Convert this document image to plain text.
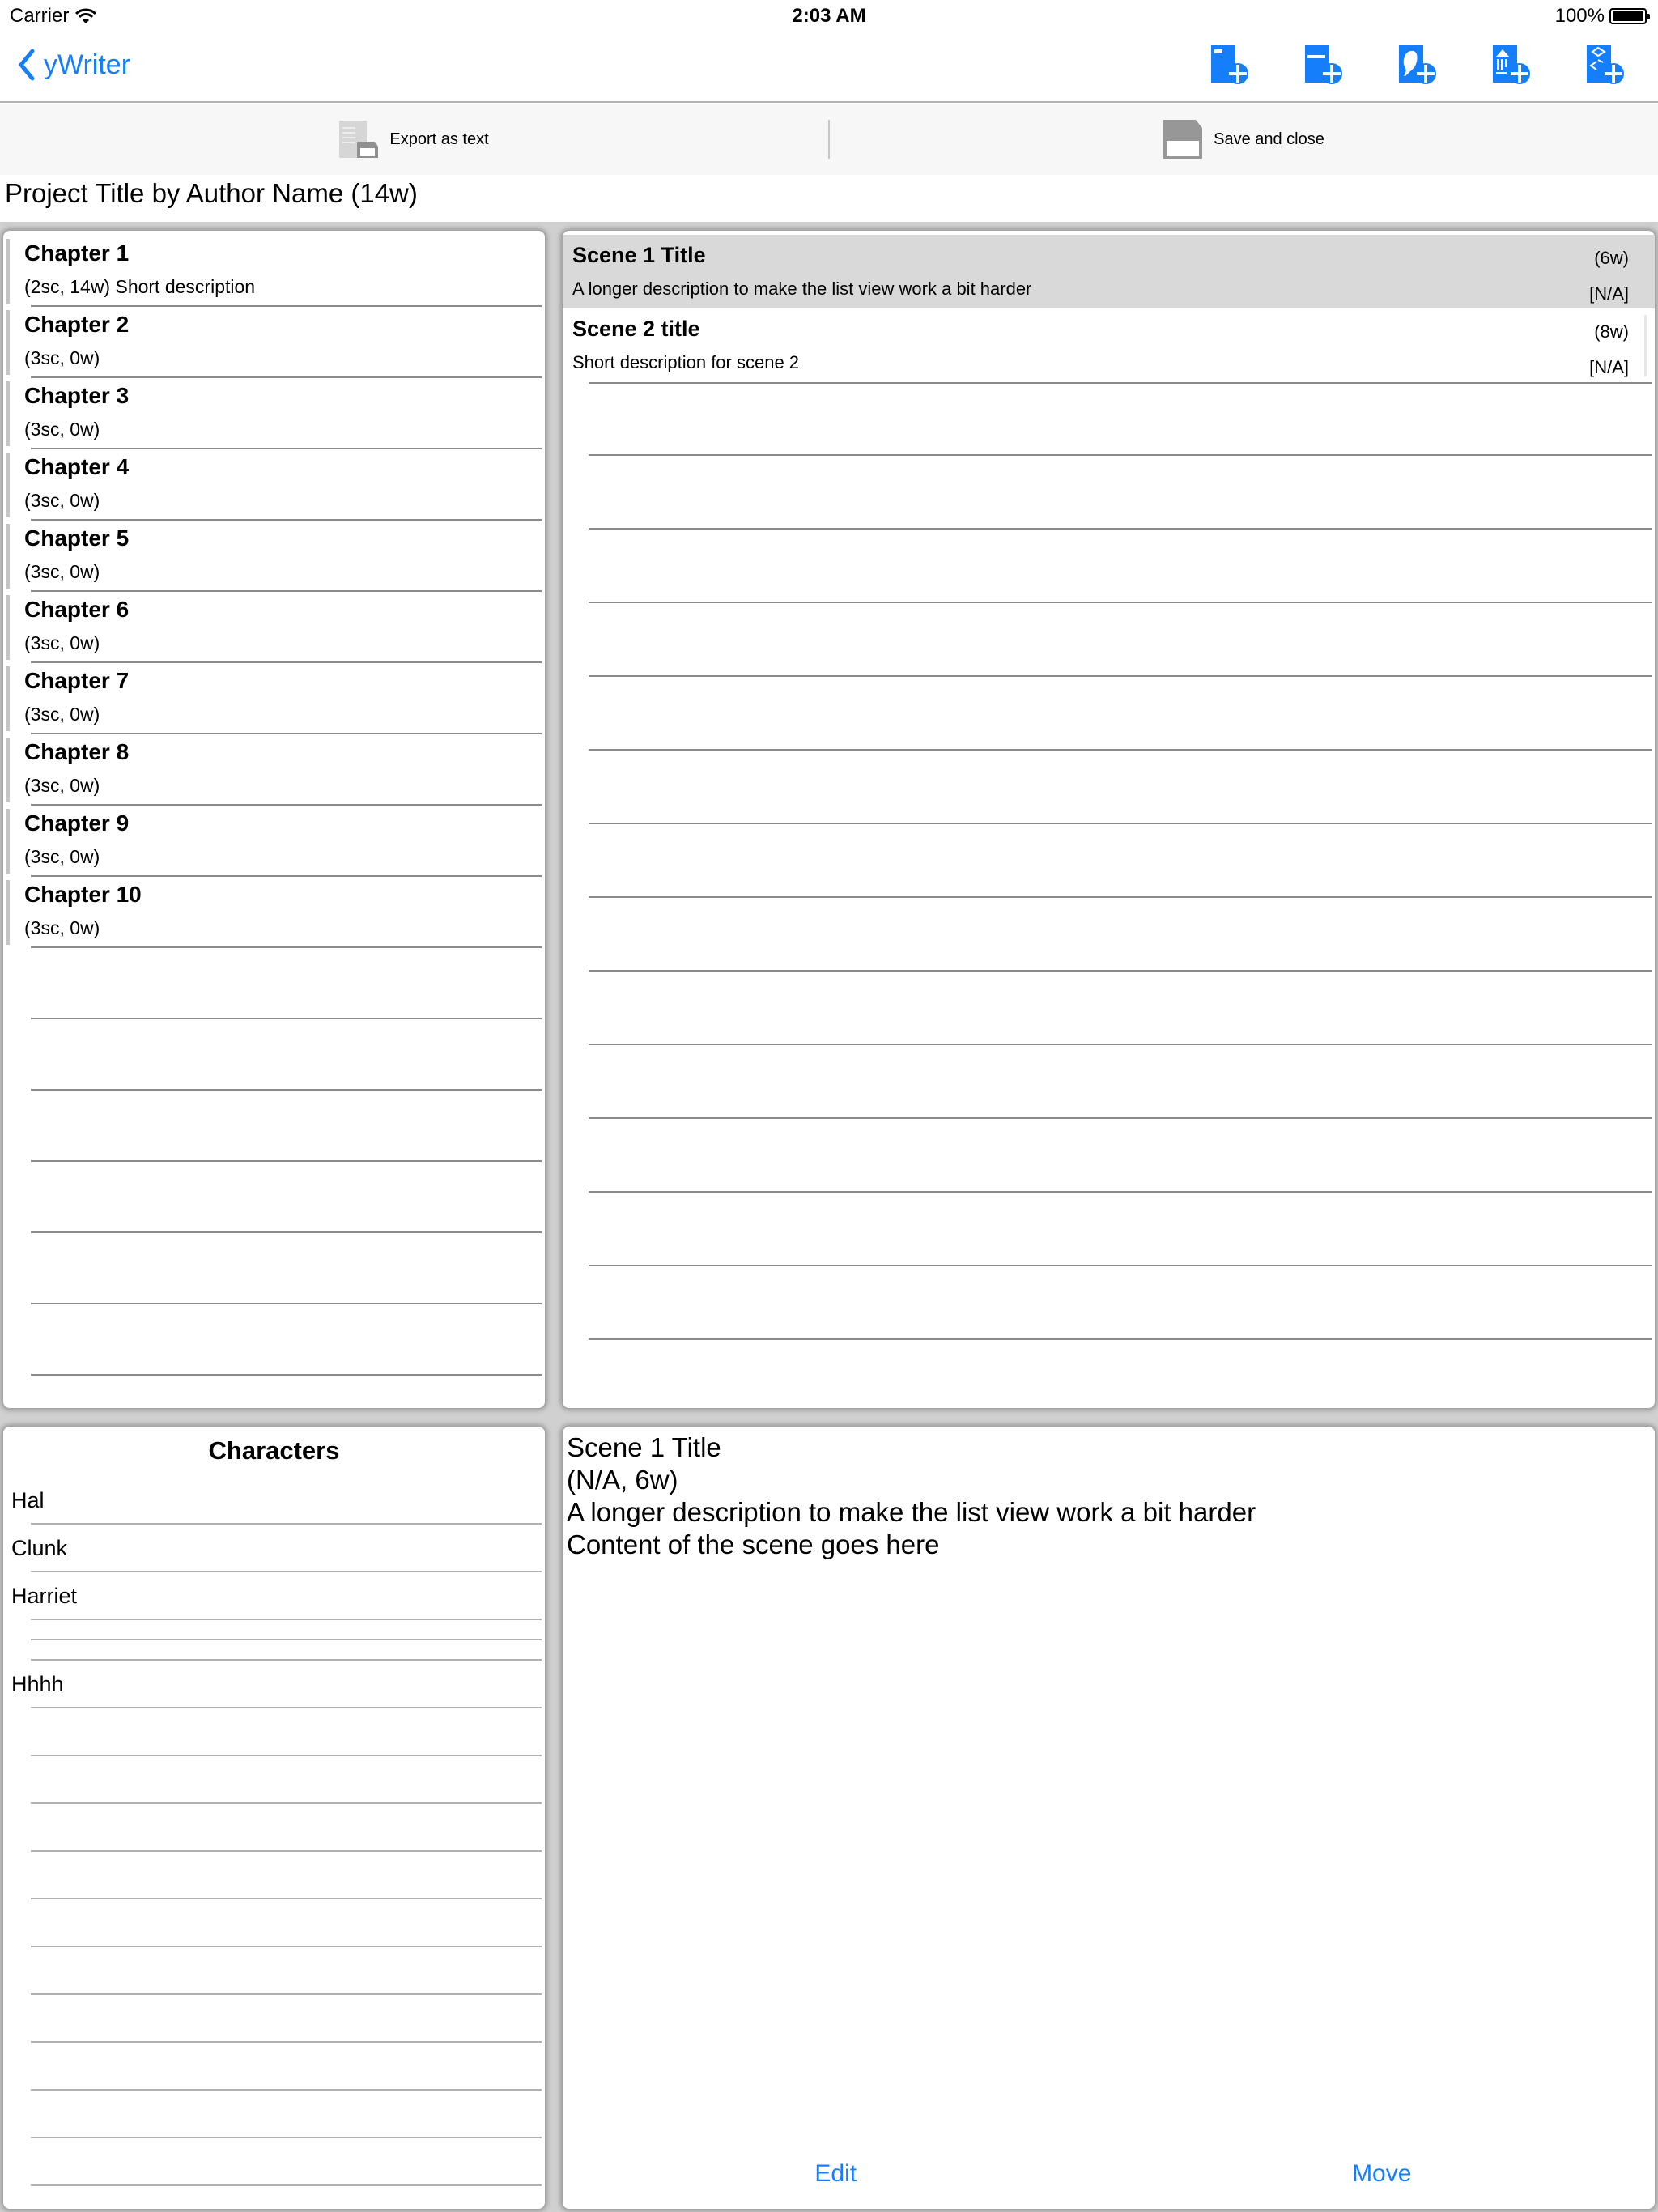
Carrier	2:03 AM	100%
yWriter
Export as text	Save and close
Project Title by Author Name (14w)
Chapter 1
(2sc, 14w) Short description
Chapter 2
(3sc, 0w)
Chapter 3
(3sc, 0w)
Chapter 4
(3sc, 0w)
Chapter 5
(3sc, 0w)
Chapter 6
(3sc, 0w)
Chapter 7
(3sc, 0w)
Chapter 8
(3sc, 0w)
Chapter 9
(3sc, 0w)
Chapter 10
(3sc, 0w)
Scene 1 Title
A longer description to make the list view work a bit harder
(6w)
[N/A]
Scene 2 title
Short description for scene 2
(8w)
[N/A]
Characters
Hal
Clunk
Harriet
Hhhh
Scene 1 Title
(N/A, 6w)
A longer description to make the list view work a bit harder
Content of the scene goes here
Edit	Move
